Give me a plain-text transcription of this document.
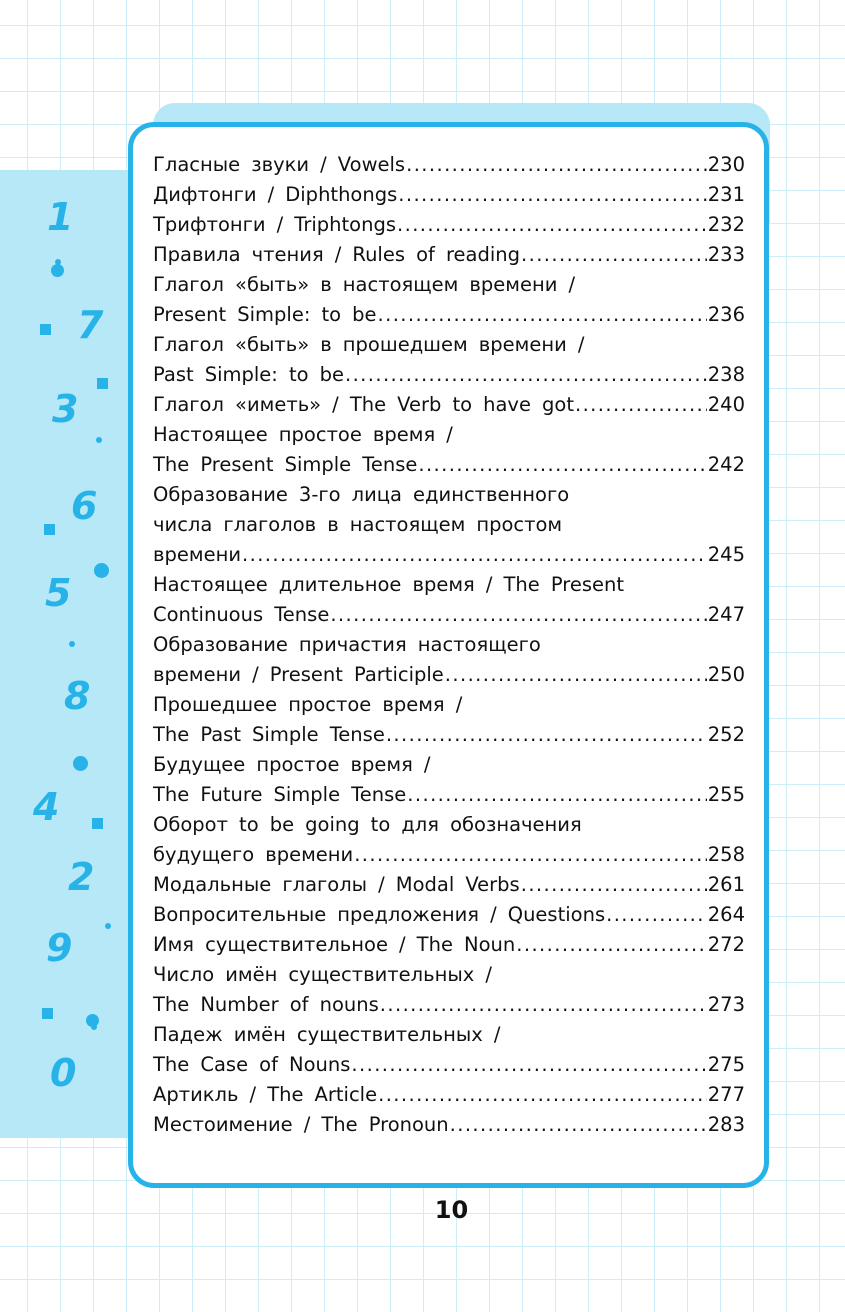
1
7
3
6
5
8
4
2
9
0
Гласные звуки / Vowels . . .	230
Дифтонги / Diphthongs . . .	231
Трифтонги / Triphtongs . . .	232
Правила чтения / Rules of reading . . .	233
Глагол «быть» в настоящем времени /
Present Simple: to be . . .	236
Глагол «быть» в прошедшем времени /
Past Simple: to be . . .	238
Глагол «иметь» / The Verb to have got . . .	240
Настоящее простое время /
The Present Simple Tense . . .	242
Образование 3-го лица единственного
числа глаголов в настоящем простом
времени . . .	245
Настоящее длительное время / The Present
Continuous Tense . . .	247
Образование причастия настоящего
времени / Present Participle . . .	250
Прошедшее простое время /
The Past Simple Tense . . .	252
Будущее простое время /
The Future Simple Tense . . .	255
Оборот to be going to для обозначения
будущего времени . . .	258
Модальные глаголы / Modal Verbs . . .	261
Вопросительные предложения / Questions . . .	264
Имя существительное / The Noun . . .	272
Число имён существительных /
The Number of nouns . . .	273
Падеж имён существительных /
The Case of Nouns . . .	275
Артикль / The Article . . .	277
Местоимение / The Pronoun . . .	283
10
